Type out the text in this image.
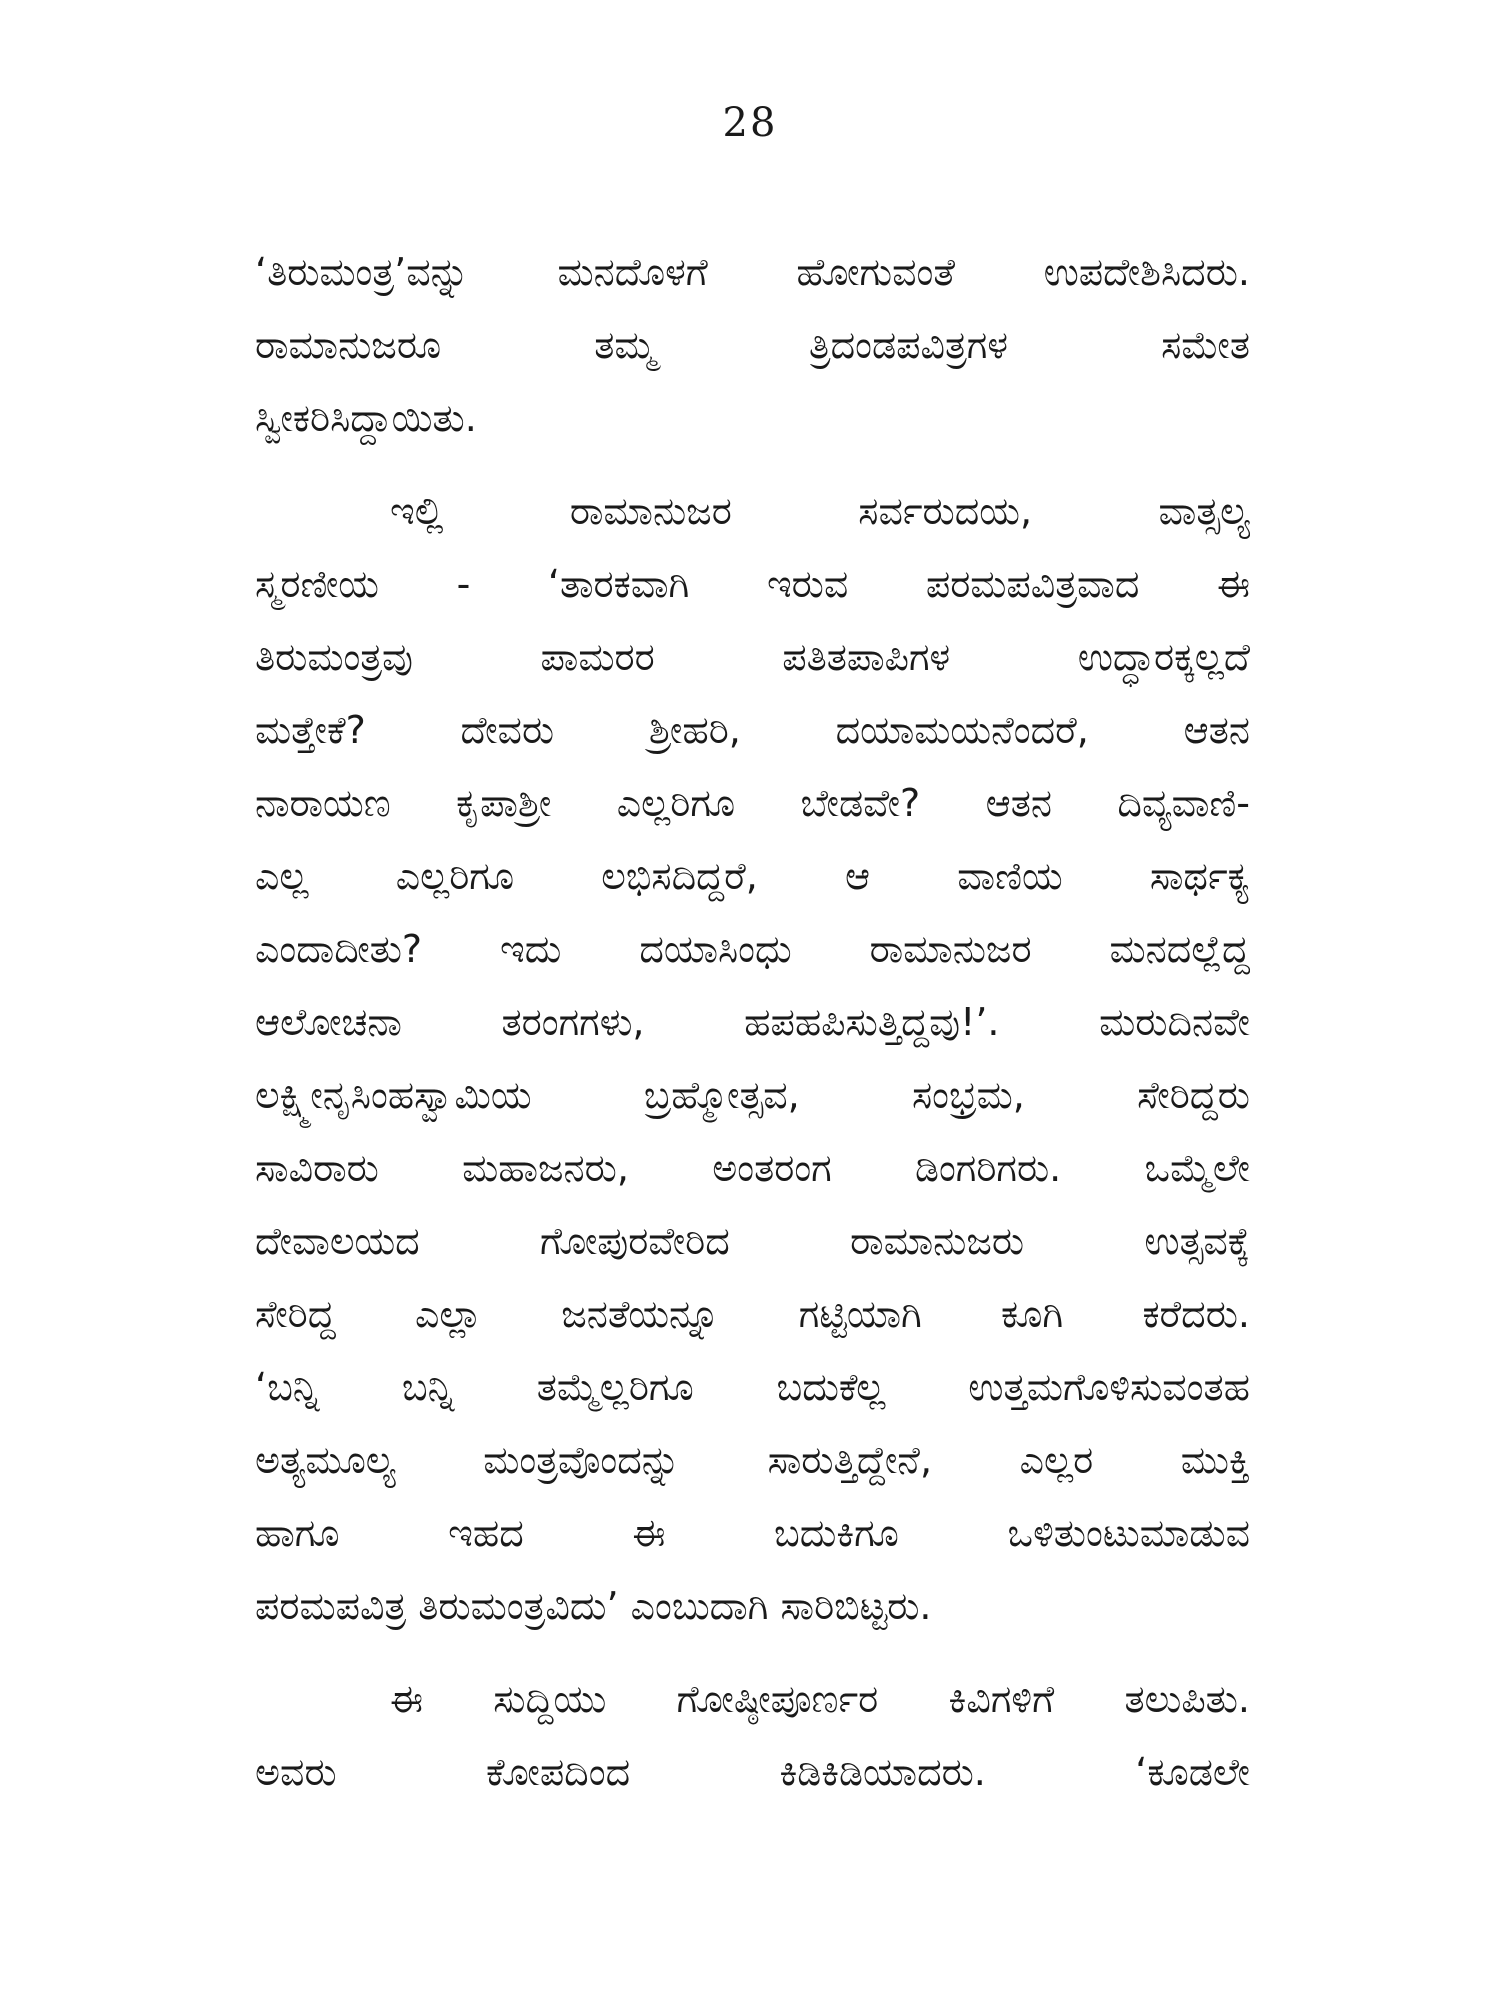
28
‘ತಿರುಮಂತ್ರ’ವನ್ನು ಮನದೊಳಗೆ ಹೋಗುವಂತೆ ಉಪದೇಶಿಸಿದರು.
ರಾಮಾನುಜರೂ ತಮ್ಮ ತ್ರಿದಂಡಪವಿತ್ರಗಳ ಸಮೇತ
ಸ್ವೀಕರಿಸಿದ್ದಾಯಿತು.
ಇಲ್ಲಿ ರಾಮಾನುಜರ ಸರ್ವರುದಯ, ವಾತ್ಸಲ್ಯ
ಸ್ಮರಣೀಯ - ‘ತಾರಕವಾಗಿ ಇರುವ ಪರಮಪವಿತ್ರವಾದ ಈ
ತಿರುಮಂತ್ರವು ಪಾಮರರ ಪತಿತಪಾಪಿಗಳ ಉದ್ಧಾರಕ್ಕಲ್ಲದೆ
ಮತ್ತೇಕೆ? ದೇವರು ಶ್ರೀಹರಿ, ದಯಾಮಯನೆಂದರೆ, ಆತನ
ನಾರಾಯಣ ಕೃಪಾಶ್ರೀ ಎಲ್ಲರಿಗೂ ಬೇಡವೇ? ಆತನ ದಿವ್ಯವಾಣಿ-
ಎಲ್ಲ ಎಲ್ಲರಿಗೂ ಲಭಿಸದಿದ್ದರೆ, ಆ ವಾಣಿಯ ಸಾರ್ಥಕ್ಯ
ಎಂದಾದೀತು? ಇದು ದಯಾಸಿಂಧು ರಾಮಾನುಜರ ಮನದಲ್ಲೆದ್ದ
ಆಲೋಚನಾ ತರಂಗಗಳು, ಹಪಹಪಿಸುತ್ತಿದ್ದವು!’. ಮರುದಿನವೇ
ಲಕ್ಷ್ಮೀನೃಸಿಂಹಸ್ವಾಮಿಯ ಬ್ರಹ್ಮೋತ್ಸವ, ಸಂಭ್ರಮ, ಸೇರಿದ್ದರು
ಸಾವಿರಾರು ಮಹಾಜನರು, ಅಂತರಂಗ ಡಿಂಗರಿಗರು. ಒಮ್ಮೆಲೇ
ದೇವಾಲಯದ ಗೋಪುರವೇರಿದ ರಾಮಾನುಜರು ಉತ್ಸವಕ್ಕೆ
ಸೇರಿದ್ದ ಎಲ್ಲಾ ಜನತೆಯನ್ನೂ ಗಟ್ಟಿಯಾಗಿ ಕೂಗಿ ಕರೆದರು.
‘ಬನ್ನಿ ಬನ್ನಿ ತಮ್ಮೆಲ್ಲರಿಗೂ ಬದುಕೆಲ್ಲ ಉತ್ತಮಗೊಳಿಸುವಂತಹ
ಅತ್ಯಮೂಲ್ಯ ಮಂತ್ರವೊಂದನ್ನು ಸಾರುತ್ತಿದ್ದೇನೆ, ಎಲ್ಲರ ಮುಕ್ತಿ
ಹಾಗೂ ಇಹದ ಈ ಬದುಕಿಗೂ ಒಳಿತುಂಟುಮಾಡುವ
ಪರಮಪವಿತ್ರ ತಿರುಮಂತ್ರವಿದು’ ಎಂಬುದಾಗಿ ಸಾರಿಬಿಟ್ಟರು.
ಈ ಸುದ್ದಿಯು ಗೋಷ್ಠೀಪೂರ್ಣರ ಕಿವಿಗಳಿಗೆ ತಲುಪಿತು.
ಅವರು ಕೋಪದಿಂದ ಕಿಡಿಕಿಡಿಯಾದರು. ‘ಕೂಡಲೇ
